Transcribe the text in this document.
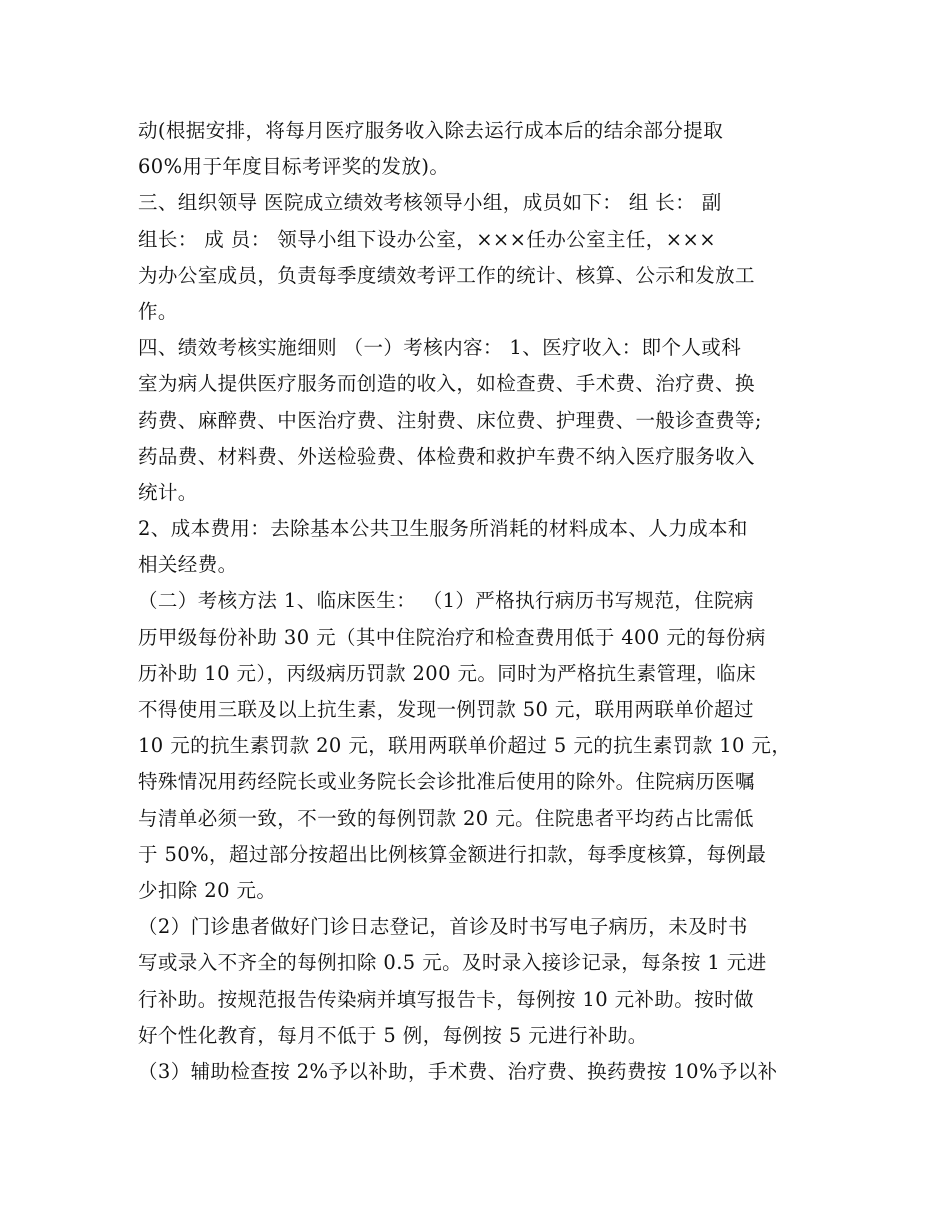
动(根据安排，将每月医疗服务收入除去运行成本后的结余部分提取
60%用于年度目标考评奖的发放)。
三、组织领导 医院成立绩效考核领导小组，成员如下： 组 长： 副
组长： 成 员： 领导小组下设办公室，×××任办公室主任，×××
为办公室成员，负责每季度绩效考评工作的统计、核算、公示和发放工
作。
四、绩效考核实施细则 （一）考核内容： 1、医疗收入：即个人或科
室为病人提供医疗服务而创造的收入，如检查费、手术费、治疗费、换
药费、麻醉费、中医治疗费、注射费、床位费、护理费、一般诊查费等;
药品费、材料费、外送检验费、体检费和救护车费不纳入医疗服务收入
统计。
2、成本费用：去除基本公共卫生服务所消耗的材料成本、人力成本和
相关经费。
（二）考核方法 1、临床医生： （1）严格执行病历书写规范，住院病
历甲级每份补助 30 元（其中住院治疗和检查费用低于 400 元的每份病
历补助 10 元），丙级病历罚款 200 元。同时为严格抗生素管理，临床
不得使用三联及以上抗生素，发现一例罚款 50 元，联用两联单价超过
10 元的抗生素罚款 20 元，联用两联单价超过 5 元的抗生素罚款 10 元，
特殊情况用药经院长或业务院长会诊批准后使用的除外。住院病历医嘱
与清单必须一致，不一致的每例罚款 20 元。住院患者平均药占比需低
于 50%，超过部分按超出比例核算金额进行扣款，每季度核算，每例最
少扣除 20 元。
（2）门诊患者做好门诊日志登记，首诊及时书写电子病历，未及时书
写或录入不齐全的每例扣除 0.5 元。及时录入接诊记录，每条按 1 元进
行补助。按规范报告传染病并填写报告卡，每例按 10 元补助。按时做
好个性化教育，每月不低于 5 例，每例按 5 元进行补助。
（3）辅助检查按 2%予以补助，手术费、治疗费、换药费按 10%予以补
